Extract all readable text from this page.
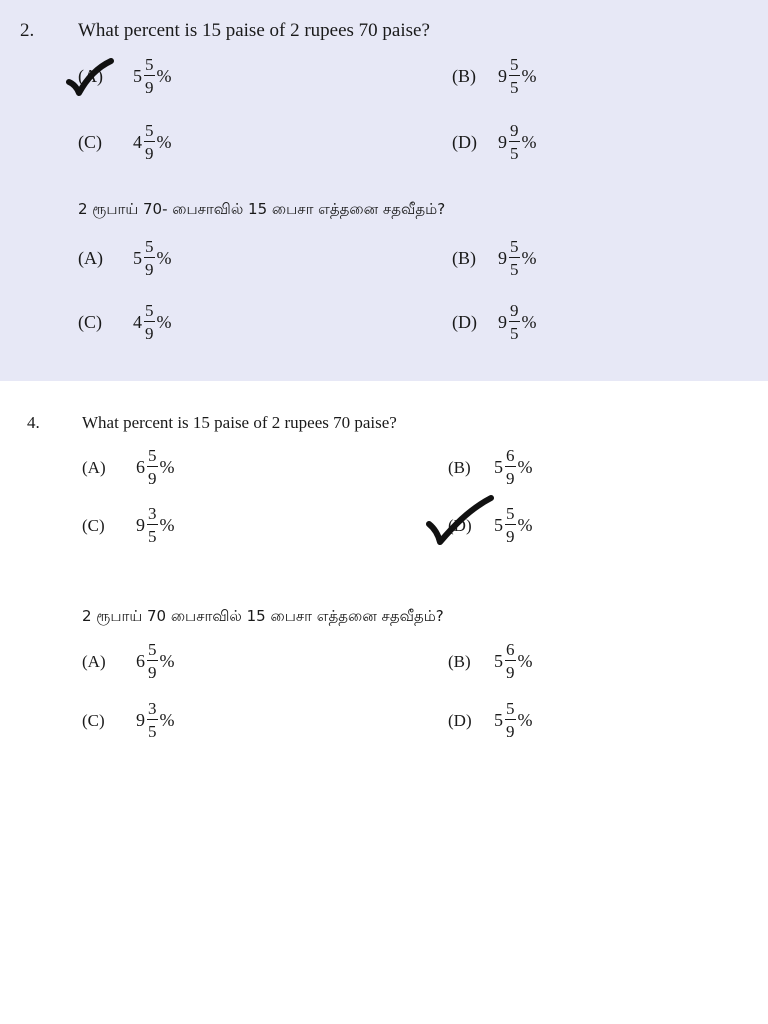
2. What percent is 15 paise of 2 rupees 70 paise?
(A) $5 \frac{5}{9}$ %	(B) $9 \frac{5}{5}$ %
(C) $4 \frac{5}{9}$ %	(D) $9 \frac{9}{5}$ %
2 ரூபாய் 70- பைசாவில் 15 பைசா எத்தனை சதவீதம்?
(A) $5 \frac{5}{9}$ %	(B) $9 \frac{5}{5}$ %
(C) $4 \frac{5}{9}$ %	(D) $9 \frac{9}{5}$ %
4. What percent is 15 paise of 2 rupees 70 paise?
(A) $6 \frac{5}{9}$ %	(B) $5 \frac{6}{9}$ %
(C) $9 \frac{3}{5}$ %	(D) $5 \frac{5}{9}$ %
2 ரூபாய் 70 பைசாவில் 15 பைசா எத்தனை சதவீதம்?
(A) $6 \frac{5}{9}$ %	(B) $5 \frac{6}{9}$ %
(C) $9 \frac{3}{5}$ %	(D) $5 \frac{5}{9}$ %
